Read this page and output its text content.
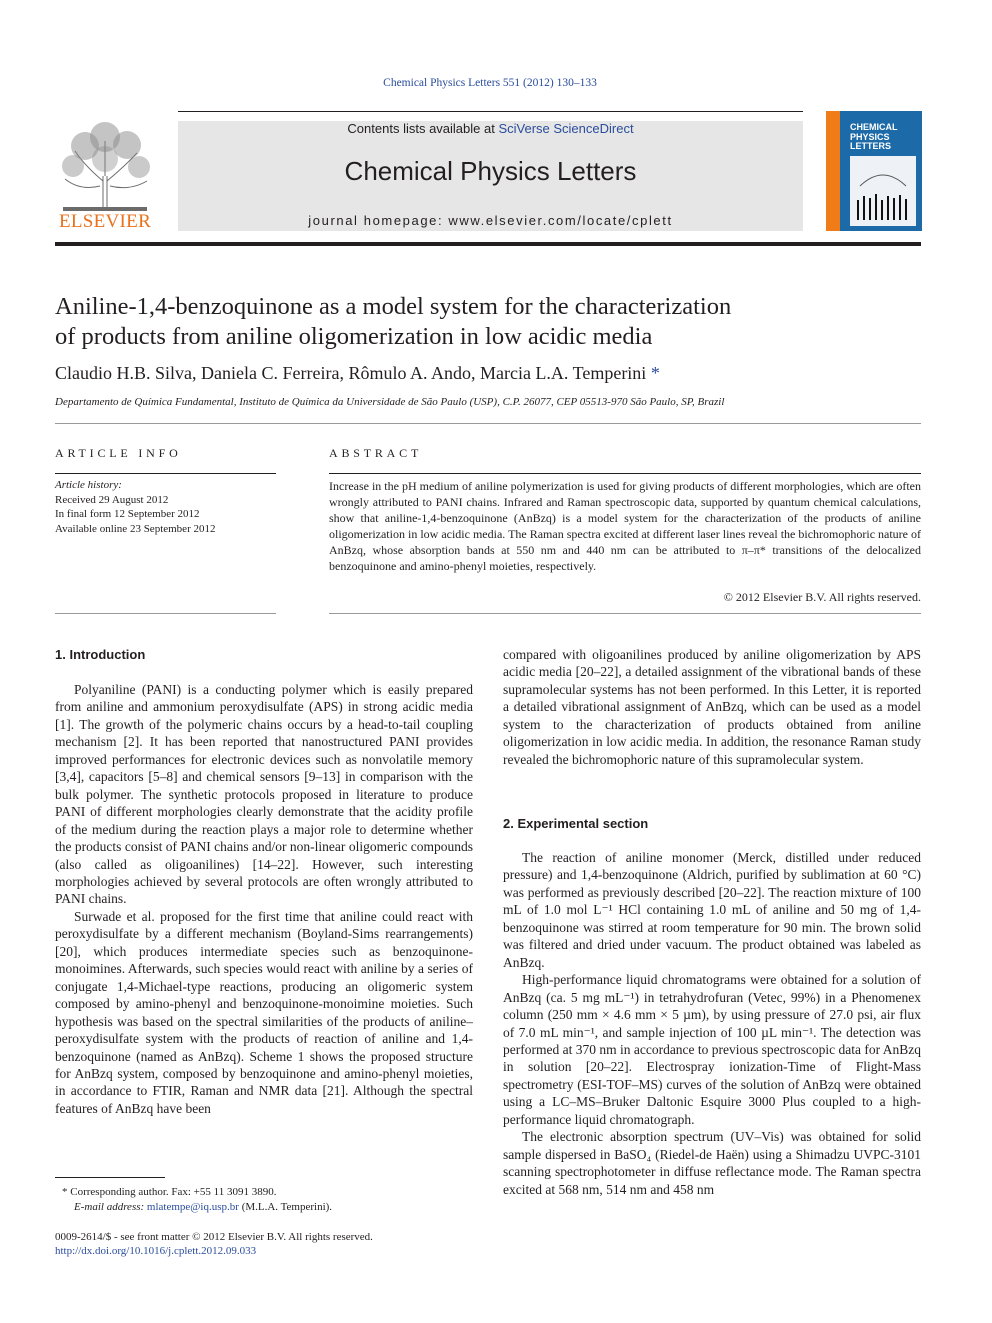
Chemical Physics Letters 551 (2012) 130–133
ELSEVIER
Contents lists available at SciVerse ScienceDirect
Chemical Physics Letters
journal homepage: www.elsevier.com/locate/cplett
CHEMICAL
PHYSICS
LETTERS
Aniline-1,4-benzoquinone as a model system for the characterization
of products from aniline oligomerization in low acidic media
Claudio H.B. Silva, Daniela C. Ferreira, Rômulo A. Ando, Marcia L.A. Temperini *
Departamento de Química Fundamental, Instituto de Química da Universidade de São Paulo (USP), C.P. 26077, CEP 05513-970 São Paulo, SP, Brazil
ARTICLE INFO
Article history:
Received 29 August 2012
In final form 12 September 2012
Available online 23 September 2012
ABSTRACT
Increase in the pH medium of aniline polymerization is used for giving products of different morphologies, which are often wrongly attributed to PANI chains. Infrared and Raman spectroscopic data, supported by quantum chemical calculations, show that aniline-1,4-benzoquinone (AnBzq) is a model system for the characterization of the products of aniline oligomerization in low acidic media. The Raman spectra excited at different laser lines reveal the bichromophoric nature of AnBzq, whose absorption bands at 550 nm and 440 nm can be attributed to π–π* transitions of the delocalized benzoquinone and amino-phenyl moieties, respectively.
© 2012 Elsevier B.V. All rights reserved.
1. Introduction

Polyaniline (PANI) is a conducting polymer which is easily prepared from aniline and ammonium peroxydisulfate (APS) in strong acidic media [1]. The growth of the polymeric chains occurs by a head-to-tail coupling mechanism [2]. It has been reported that nanostructured PANI provides improved performances for electronic devices such as nonvolatile memory [3,4], capacitors [5–8] and chemical sensors [9–13] in comparison with the bulk polymer. The synthetic protocols proposed in literature to produce PANI of different morphologies clearly demonstrate that the acidity profile of the medium during the reaction plays a major role to determine whether the products consist of PANI chains and/or non-linear oligomeric compounds (also called as oligoanilines) [14–22]. However, such interesting morphologies achieved by several protocols are often wrongly attributed to PANI chains.

Surwade et al. proposed for the first time that aniline could react with peroxydisulfate by a different mechanism (Boyland-Sims rearrangements) [20], which produces intermediate species such as benzoquinone-monoimines. Afterwards, such species would react with aniline by a series of conjugate 1,4-Michael-type reactions, producing an oligomeric system composed by amino-phenyl and benzoquinone-monoimine moieties. Such hypothesis was based on the spectral similarities of the products of aniline–peroxydisulfate system with the products of reaction of aniline and 1,4-benzoquinone (named as AnBzq). Scheme 1 shows the proposed structure for AnBzq system, composed by benzoquinone and amino-phenyl moieties, in accordance to FTIR, Raman and NMR data [21]. Although the spectral features of AnBzq have been

compared with oligoanilines produced by aniline oligomerization by APS acidic media [20–22], a detailed assignment of the vibrational bands of these supramolecular systems has not been performed. In this Letter, it is reported a detailed vibrational assignment of AnBzq, which can be used as a model system to the characterization of products obtained from aniline oligomerization in low acidic media. In addition, the resonance Raman study revealed the bichromophoric nature of this supramolecular system.

2. Experimental section

The reaction of aniline monomer (Merck, distilled under reduced pressure) and 1,4-benzoquinone (Aldrich, purified by sublimation at 60 °C) was performed as previously described [20–22]. The reaction mixture of 100 mL of 1.0 mol L⁻¹ HCl containing 1.0 mL of aniline and 50 mg of 1,4-benzoquinone was stirred at room temperature for 90 min. The brown solid was filtered and dried under vacuum. The product obtained was labeled as AnBzq.

High-performance liquid chromatograms were obtained for a solution of AnBzq (ca. 5 mg mL⁻¹) in tetrahydrofuran (Vetec, 99%) in a Phenomenex column (250 mm × 4.6 mm × 5 µm), by using pressure of 27.0 psi, air flux of 7.0 mL min⁻¹, and sample injection of 100 µL min⁻¹. The detection was performed at 370 nm in accordance to previous spectroscopic data for AnBzq in solution [20–22]. Electrospray ionization-Time of Flight-Mass spectrometry (ESI-TOF–MS) curves of the solution of AnBzq were obtained using a LC–MS–Bruker Daltonic Esquire 3000 Plus coupled to a high-performance liquid chromatograph.

The electronic absorption spectrum (UV–Vis) was obtained for solid sample dispersed in BaSO₄ (Riedel-de Haën) using a Shimadzu UVPC-3101 scanning spectrophotometer in diffuse reflectance mode. The Raman spectra excited at 568 nm, 514 nm and 458 nm

* Corresponding author. Fax: +55 11 3091 3890.
E-mail address: mlatempe@iq.usp.br (M.L.A. Temperini).
0009-2614/$ - see front matter © 2012 Elsevier B.V. All rights reserved.
http://dx.doi.org/10.1016/j.cplett.2012.09.033
